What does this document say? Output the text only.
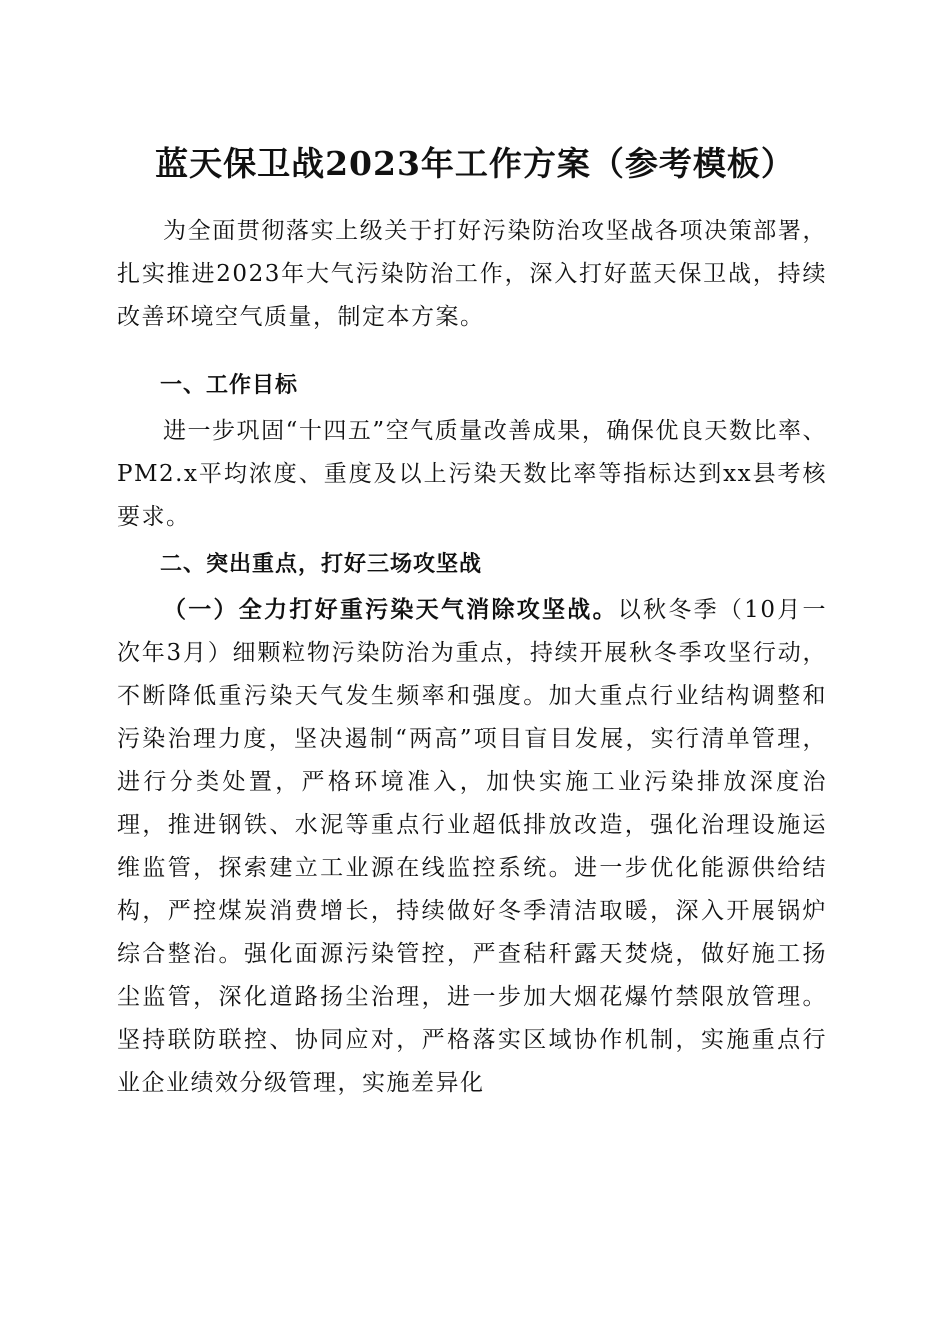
蓝天保卫战2023年工作方案（参考模板）

为全面贯彻落实上级关于打好污染防治攻坚战各项决策部署，扎实推进2023年大气污染防治工作，深入打好蓝天保卫战，持续改善环境空气质量，制定本方案。

一、工作目标

进一步巩固“十四五”空气质量改善成果，确保优良天数比率、PM2.x平均浓度、重度及以上污染天数比率等指标达到xx县考核要求。

二、突出重点，打好三场攻坚战

（一）全力打好重污染天气消除攻坚战。以秋冬季（10月一次年3月）细颗粒物污染防治为重点，持续开展秋冬季攻坚行动，不断降低重污染天气发生频率和强度。加大重点行业结构调整和污染治理力度，坚决遏制“两高”项目盲目发展，实行清单管理，进行分类处置，严格环境准入，加快实施工业污染排放深度治理，推进钢铁、水泥等重点行业超低排放改造，强化治理设施运维监管，探索建立工业源在线监控系统。进一步优化能源供给结构，严控煤炭消费增长，持续做好冬季清洁取暖，深入开展锅炉综合整治。强化面源污染管控，严查秸秆露天焚烧，做好施工扬尘监管，深化道路扬尘治理，进一步加大烟花爆竹禁限放管理。坚持联防联控、协同应对，严格落实区域协作机制，实施重点行业企业绩效分级管理，实施差异化
